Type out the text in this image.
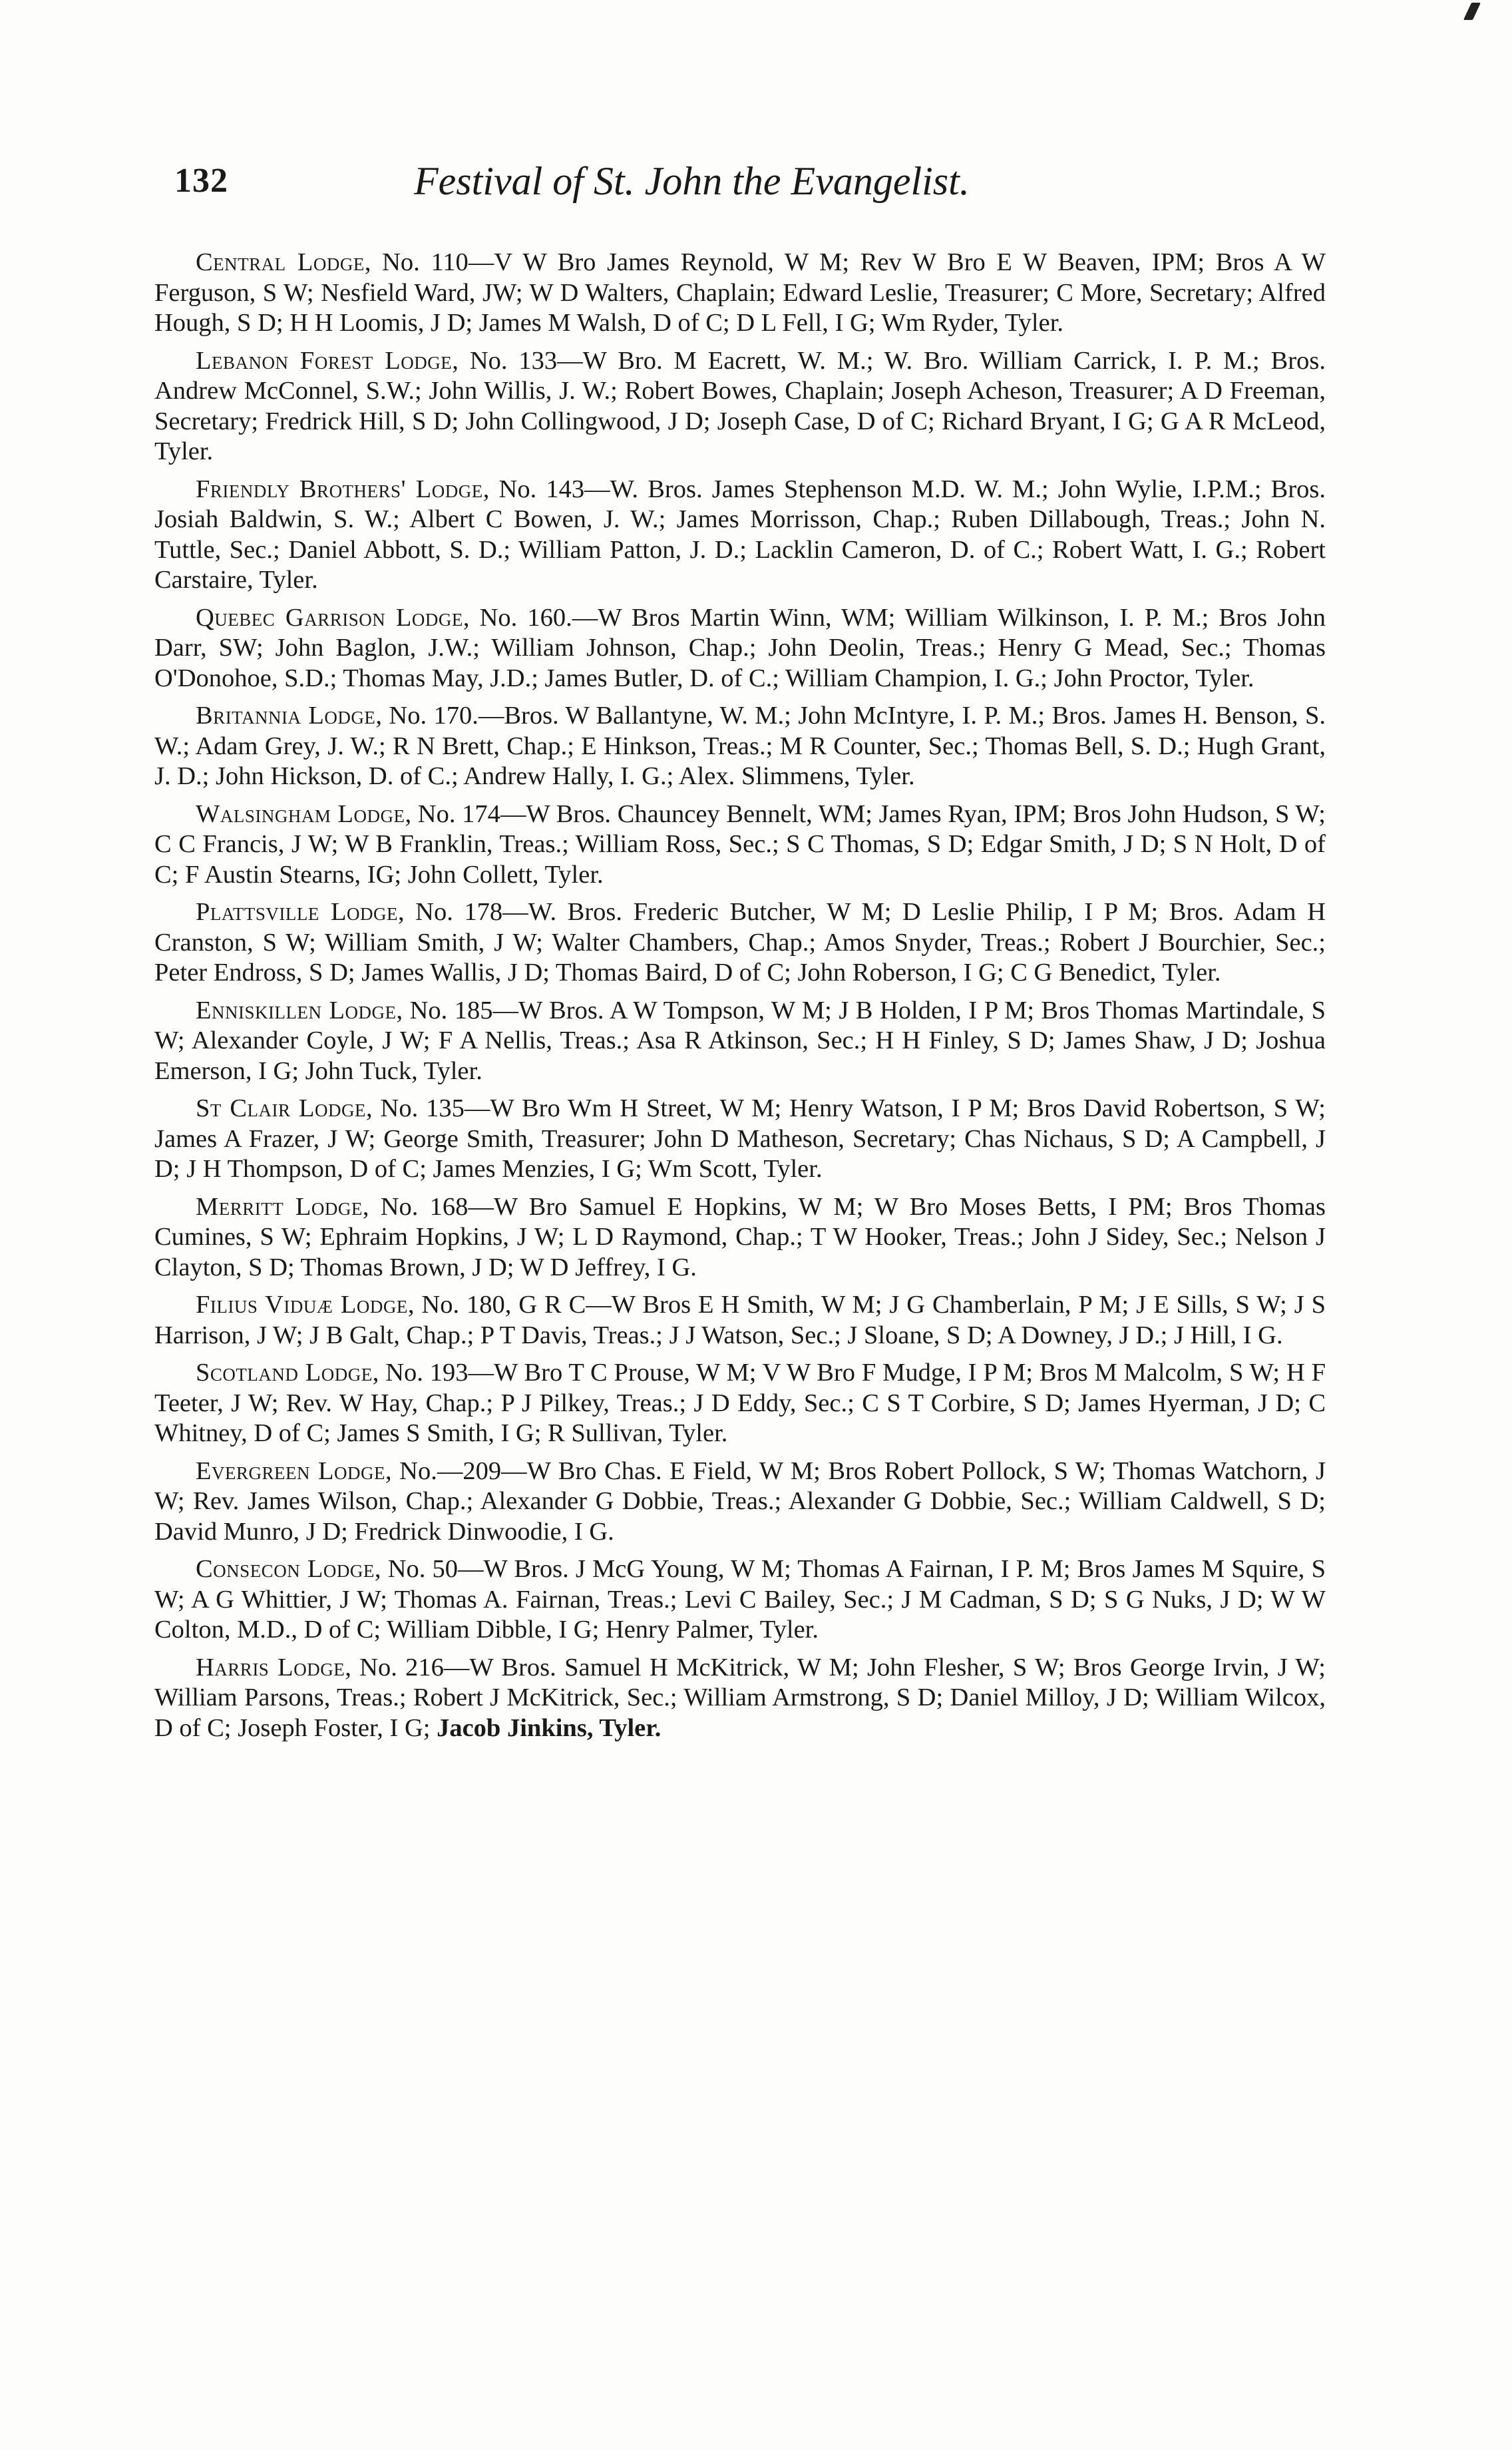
132	Festival of St. John the Evangelist.

Central Lodge, No. 110—V W Bro James Reynold, W M; Rev W Bro E W Beaven, IPM; Bros A W Ferguson, S W; Nesfield Ward, JW; W D Walters, Chaplain; Edward Leslie, Treasurer; C More, Secretary; Alfred Hough, S D; H H Loomis, J D; James M Walsh, D of C; D L Fell, I G; Wm Ryder, Tyler.

Lebanon Forest Lodge, No. 133—W Bro. M Eacrett, W. M.; W. Bro. William Carrick, I. P. M.; Bros. Andrew McConnel, S.W.; John Willis, J. W.; Robert Bowes, Chaplain; Joseph Acheson, Treasurer; A D Freeman, Secretary; Fredrick Hill, S D; John Collingwood, J D; Joseph Case, D of C; Richard Bryant, I G; G A R McLeod, Tyler.

Friendly Brothers' Lodge, No. 143—W. Bros. James Stephenson M.D. W. M.; John Wylie, I.P.M.; Bros. Josiah Baldwin, S. W.; Albert C Bowen, J. W.; James Morrisson, Chap.; Ruben Dillabough, Treas.; John N. Tuttle, Sec.; Daniel Abbott, S. D.; William Patton, J. D.; Lacklin Cameron, D. of C.; Robert Watt, I. G.; Robert Carstaire, Tyler.

Quebec Garrison Lodge, No. 160.—W Bros Martin Winn, WM; William Wilkinson, I. P. M.; Bros John Darr, SW; John Baglon, J.W.; William Johnson, Chap.; John Deolin, Treas.; Henry G Mead, Sec.; Thomas O'Donohoe, S.D.; Thomas May, J.D.; James Butler, D. of C.; William Champion, I. G.; John Proctor, Tyler.

Britannia Lodge, No. 170.—Bros. W Ballantyne, W. M.; John McIntyre, I. P. M.; Bros. James H. Benson, S. W.; Adam Grey, J. W.; R N Brett, Chap.; E Hinkson, Treas.; M R Counter, Sec.; Thomas Bell, S. D.; Hugh Grant, J. D.; John Hickson, D. of C.; Andrew Hally, I. G.; Alex. Slimmens, Tyler.

Walsingham Lodge, No. 174—W Bros. Chauncey Bennelt, WM; James Ryan, IPM; Bros John Hudson, S W; C C Francis, J W; W B Franklin, Treas.; William Ross, Sec.; S C Thomas, S D; Edgar Smith, J D; S N Holt, D of C; F Austin Stearns, IG; John Collett, Tyler.

Plattsville Lodge, No. 178—W. Bros. Frederic Butcher, W M; D Leslie Philip, I P M; Bros. Adam H Cranston, S W; William Smith, J W; Walter Chambers, Chap.; Amos Snyder, Treas.; Robert J Bourchier, Sec.; Peter Endross, S D; James Wallis, J D; Thomas Baird, D of C; John Roberson, I G; C G Benedict, Tyler.

Enniskillen Lodge, No. 185—W Bros. A W Tompson, W M; J B Holden, I P M; Bros Thomas Martindale, S W; Alexander Coyle, J W; F A Nellis, Treas.; Asa R Atkinson, Sec.; H H Finley, S D; James Shaw, J D; Joshua Emerson, I G; John Tuck, Tyler.

St Clair Lodge, No. 135—W Bro Wm H Street, W M; Henry Watson, I P M; Bros David Robertson, S W; James A Frazer, J W; George Smith, Treasurer; John D Matheson, Secretary; Chas Nichaus, S D; A Campbell, J D; J H Thompson, D of C; James Menzies, I G; Wm Scott, Tyler.

Merritt Lodge, No. 168—W Bro Samuel E Hopkins, W M; W Bro Moses Betts, I PM; Bros Thomas Cumines, S W; Ephraim Hopkins, J W; L D Raymond, Chap.; T W Hooker, Treas.; John J Sidey, Sec.; Nelson J Clayton, S D; Thomas Brown, J D; W D Jeffrey, I G.

Filius Viduæ Lodge, No. 180, G R C—W Bros E H Smith, W M; J G Chamberlain, P M; J E Sills, S W; J S Harrison, J W; J B Galt, Chap.; P T Davis, Treas.; J J Watson, Sec.; J Sloane, S D; A Downey, J D.; J Hill, I G.

Scotland Lodge, No. 193—W Bro T C Prouse, W M; V W Bro F Mudge, I P M; Bros M Malcolm, S W; H F Teeter, J W; Rev. W Hay, Chap.; P J Pilkey, Treas.; J D Eddy, Sec.; C S T Corbire, S D; James Hyerman, J D; C Whitney, D of C; James S Smith, I G; R Sullivan, Tyler.

Evergreen Lodge, No.—209—W Bro Chas. E Field, W M; Bros Robert Pollock, S W; Thomas Watchorn, J W; Rev. James Wilson, Chap.; Alexander G Dobbie, Treas.; Alexander G Dobbie, Sec.; William Caldwell, S D; David Munro, J D; Fredrick Dinwoodie, I G.

Consecon Lodge, No. 50—W Bros. J McG Young, W M; Thomas A Fairnan, I P. M; Bros James M Squire, S W; A G Whittier, J W; Thomas A. Fairnan, Treas.; Levi C Bailey, Sec.; J M Cadman, S D; S G Nuks, J D; W W Colton, M.D., D of C; William Dibble, I G; Henry Palmer, Tyler.

Harris Lodge, No. 216—W Bros. Samuel H McKitrick, W M; John Flesher, S W; Bros George Irvin, J W; William Parsons, Treas.; Robert J McKitrick, Sec.; William Armstrong, S D; Daniel Milloy, J D; William Wilcox, D of C; Joseph Foster, I G; Jacob Jinkins, Tyler.
